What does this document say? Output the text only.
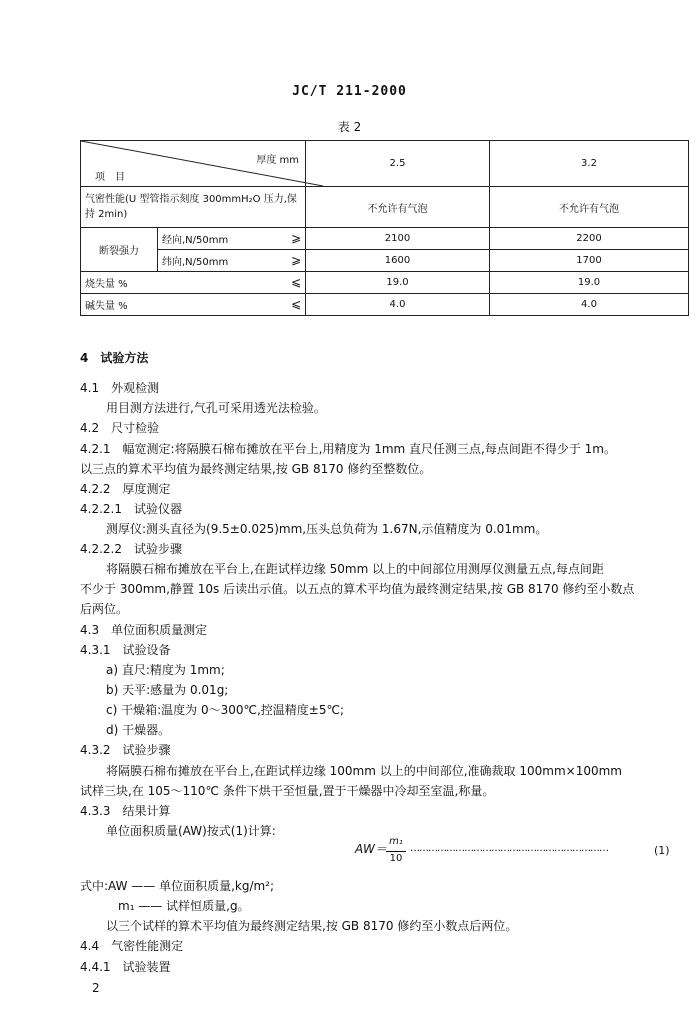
JC/T 211-2000
表 2
厚度 mm
项　目		2.5	3.2
气密性能(U 型管指示刻度 300mmH₂O 压力,保持 2min)		不允许有气泡	不允许有气泡
断裂强力	经向,N/50mm ⩾	2100	2200
	纬向,N/50mm ⩾	1600	1700
烧失量 % ⩽		19.0	19.0
碱失量 % ⩽		4.0	4.0
4　试验方法
4.1　外观检测
用目测方法进行,气孔可采用透光法检验。
4.2　尺寸检验
4.2.1　幅宽测定:将隔膜石棉布摊放在平台上,用精度为 1mm 直尺任测三点,每点间距不得少于 1m。
以三点的算术平均值为最终测定结果,按 GB 8170 修约至整数位。
4.2.2　厚度测定
4.2.2.1　试验仪器
测厚仪:测头直径为(9.5±0.025)mm,压头总负荷为 1.67N,示值精度为 0.01mm。
4.2.2.2　试验步骤
将隔膜石棉布摊放在平台上,在距试样边缘 50mm 以上的中间部位用测厚仪测量五点,每点间距
不少于 300mm,静置 10s 后读出示值。以五点的算术平均值为最终测定结果,按 GB 8170 修约至小数点
后两位。
4.3　单位面积质量测定
4.3.1　试验设备
a) 直尺:精度为 1mm;
b) 天平:感量为 0.01g;
c) 干燥箱:温度为 0～300℃,控温精度±5℃;
d) 干燥器。
4.3.2　试验步骤
将隔膜石棉布摊放在平台上,在距试样边缘 100mm 以上的中间部位,准确裁取 100mm×100mm
试样三块,在 105～110℃ 条件下烘干至恒量,置于干燥器中冷却至室温,称量。
4.3.3　结果计算
单位面积质量(AW)按式(1)计算:
AW＝
m₁
10
…………………………………………………………	(1)
式中:AW —— 单位面积质量,kg/m²;
m₁ —— 试样恒质量,g。
以三个试样的算术平均值为最终测定结果,按 GB 8170 修约至小数点后两位。
4.4　气密性能测定
4.4.1　试验装置
2
